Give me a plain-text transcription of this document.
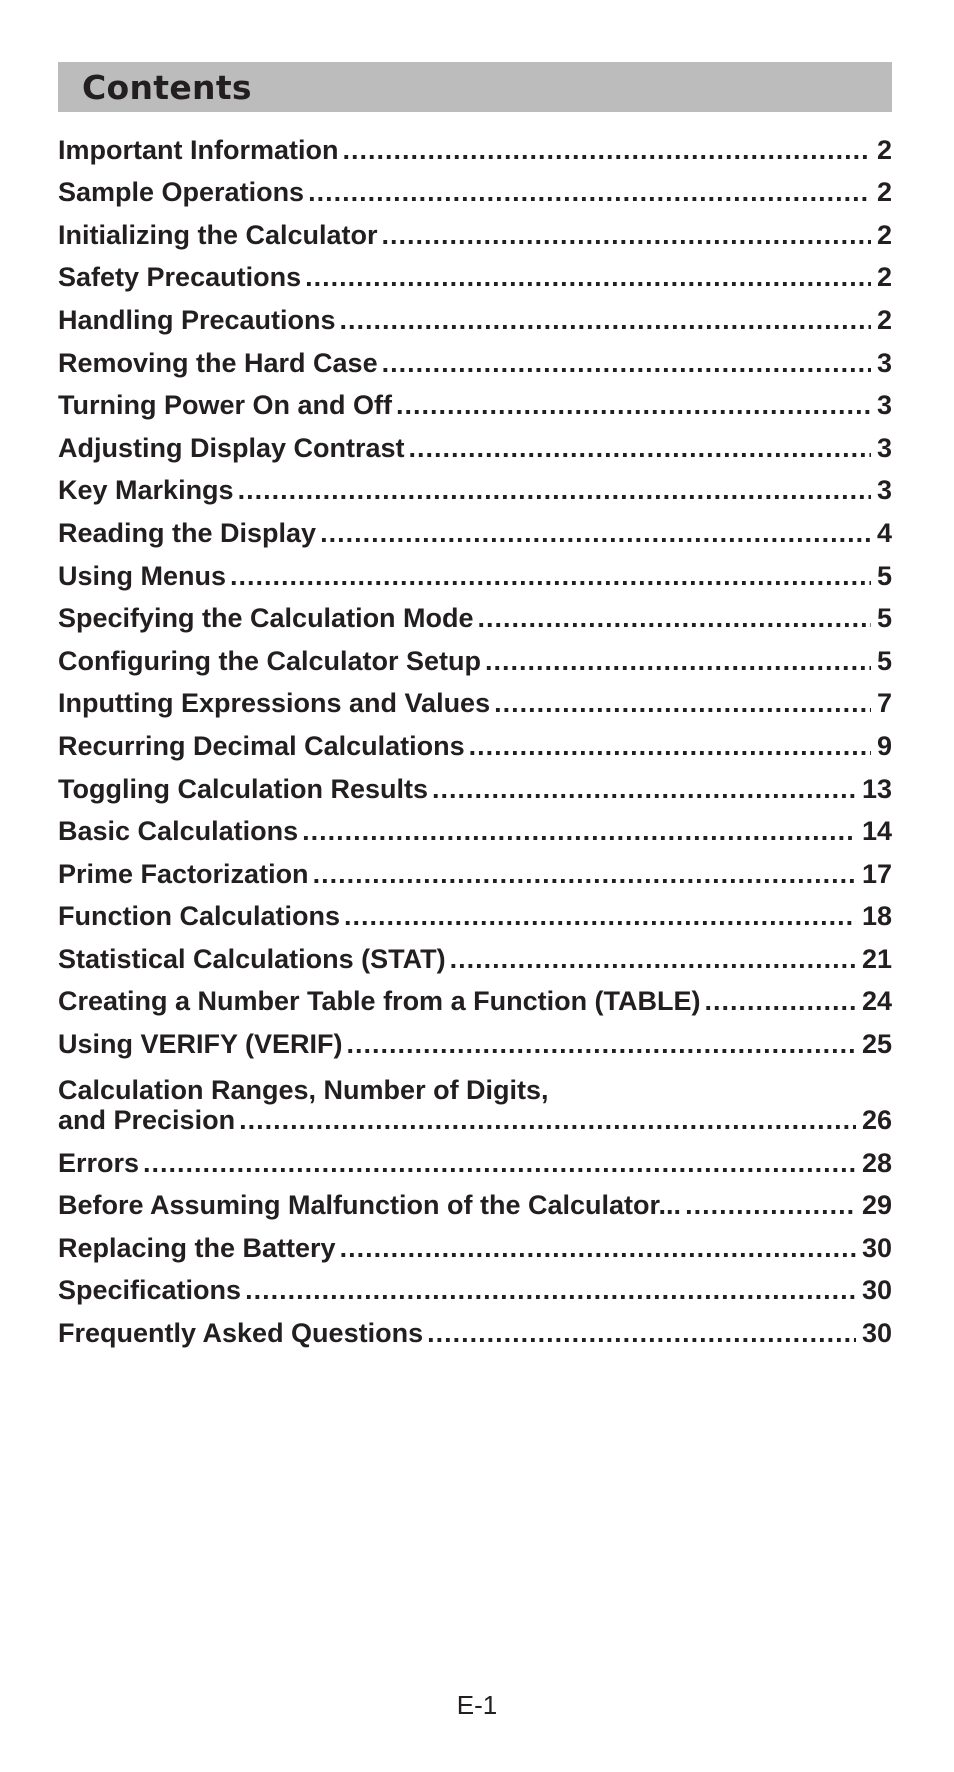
Contents
Important Information .....	2
Sample Operations .....	2
Initializing the Calculator .....	2
Safety Precautions .....	2
Handling Precautions .....	2
Removing the Hard Case .....	3
Turning Power On and Off .....	3
Adjusting Display Contrast .....	3
Key Markings .....	3
Reading the Display .....	4
Using Menus .....	5
Specifying the Calculation Mode .....	5
Configuring the Calculator Setup .....	5
Inputting Expressions and Values .....	7
Recurring Decimal Calculations .....	9
Toggling Calculation Results .....	13
Basic Calculations .....	14
Prime Factorization .....	17
Function Calculations .....	18
Statistical Calculations (STAT) .....	21
Creating a Number Table from a Function (TABLE) .....	24
Using VERIFY (VERIF) .....	25
Calculation Ranges, Number of Digits,
and Precision .....	26
Errors .....	28
Before Assuming Malfunction of the Calculator... .....	29
Replacing the Battery .....	30
Specifications .....	30
Frequently Asked Questions .....	30
E-1
